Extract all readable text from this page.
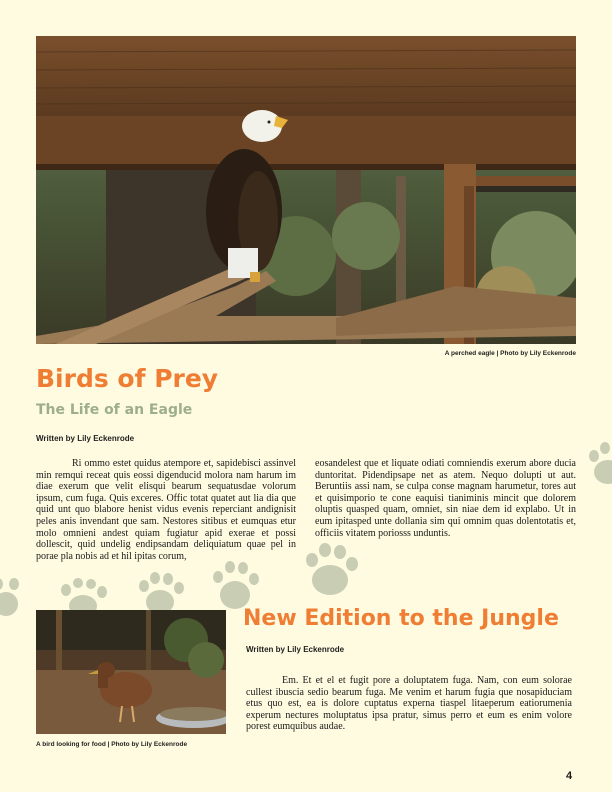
A perched eagle | Photo by Lily Eckenrode
Birds of Prey
The Life of an Eagle
Written by Lily Eckenrode
Ri ommo estet quidus atempore et, sapidebisci assinvel min remqui receat quis eossi digenducid molora nam harum im diae exerum que velit elisqui bearum sequatusdae volorum ipsum, cum fuga. Quis exceres. Offic totat quatet aut lia dia que quid unt quo blabore henist vidus evenis reperciant andignisit peles anis invendant que sam. Nestores sitibus et eumquas etur molo omnieni andest quiam fugiatur apid exerae et possi dollescit, quid undelig endipsandam deliquiatum quae pel in porae pla nobis ad et hil ipitas corum,
eosandelest que et liquate odiati comniendis exerum abore ducia duntoritat. Pidendipsape net as atem. Nequo dolupti ut aut. Beruntiis assi nam, se culpa conse magnam harumetur, tores aut et quisimporio te cone eaquisi tianiminis mincit que dolorem oluptis quasped quam, omniet, sin niae dem id explabo. Ut in eum ipitasped unte dollania sim qui omnim quas dolentotatis et, officiis vitatem poriosss unduntis.
A bird looking for food | Photo by Lily Eckenrode
New Edition to the Jungle
Written by Lily Eckenrode
Em. Et et el et fugit pore a doluptatem fuga. Nam, con eum solorae cullest ibuscia sedio bearum fuga. Me venim et harum fugia que nosapiduciam etus quo est, ea is dolore cuptatus experna tiaspel litaeperum eatiorumenia experum nectures moluptatus ipsa pratur, simus perro et eum es enim volore porest eumquibus audae.
4
